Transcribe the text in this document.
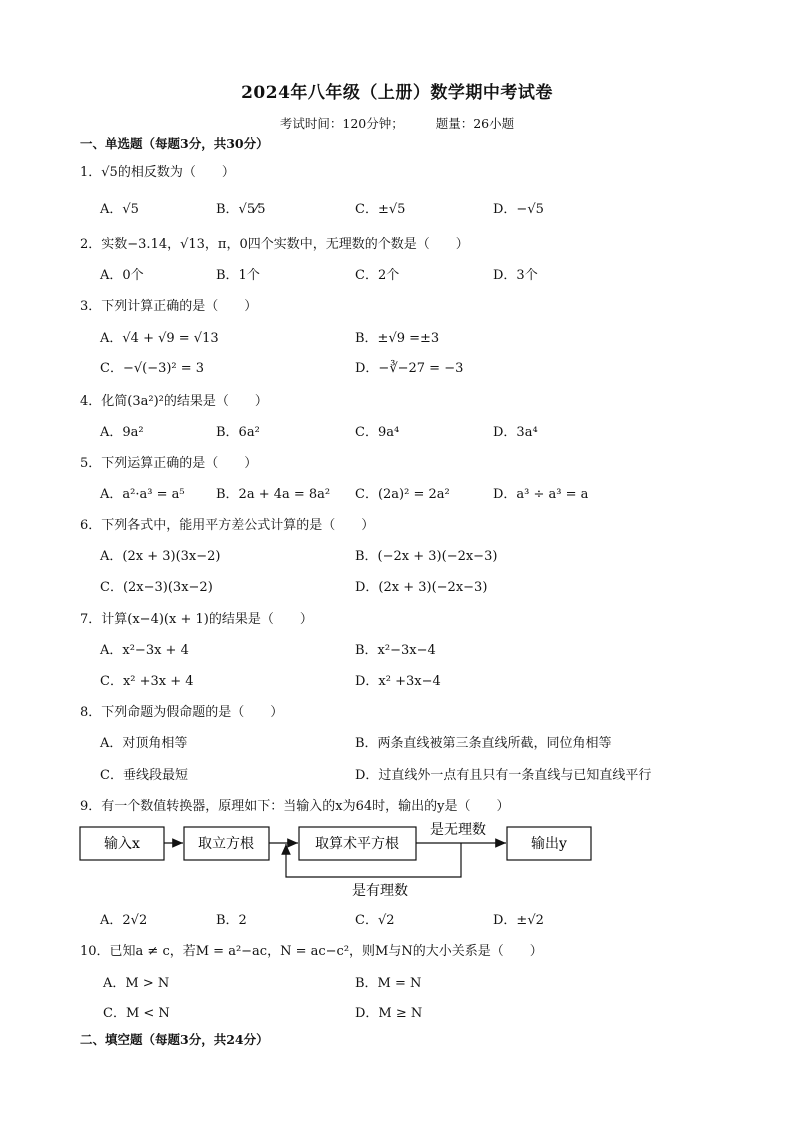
2024年八年级（上册）数学期中考试卷
考试时间：120分钟；	题量：26小题
一、单选题（每题3分，共30分）
1．√5的相反数为（　　）
A．√5	B．√5⁄5	C．±√5	D．−√5
2．实数−3.14，√13，π，0四个实数中，无理数的个数是（　　）
A．0个	B．1个	C．2个	D．3个
3．下列计算正确的是（　　）
A．√4 + √9 = √13	B．±√9 =±3
C．−√(−3)² = 3	D．−∛−27 = −3
4．化简(3a²)²的结果是（　　）
A．9a²	B．6a²	C．9a⁴	D．3a⁴
5．下列运算正确的是（　　）
A．a²·a³ = a⁵ B．2a + 4a = 8a² C．(2a)² = 2a²	D．a³ ÷ a³ = a
6．下列各式中，能用平方差公式计算的是（　　）
A．(2x + 3)(3x−2)	B．(−2x + 3)(−2x−3)
C．(2x−3)(3x−2)	D．(2x + 3)(−2x−3)
7．计算(x−4)(x + 1)的结果是（　　）
A．x²−3x + 4	B．x²−3x−4
C．x² +3x + 4	D．x² +3x−4
8．下列命题为假命题的是（　　）
A．对顶角相等	B．两条直线被第三条直线所截，同位角相等
C．垂线段最短	D．过直线外一点有且只有一条直线与已知直线平行
9．有一个数值转换器，原理如下：当输入的x为64时，输出的y是（　　）
输入x	取立方根	取算术平方根	输出y
是无理数
是有理数
A．2√2	B．2	C．√2	D．±√2
10．已知a ≠ c，若M = a²−ac，N = ac−c²，则M与N的大小关系是（　　）
A．M > N	B．M = N
C．M < N	D．M ≥ N
二、填空题（每题3分，共24分）
